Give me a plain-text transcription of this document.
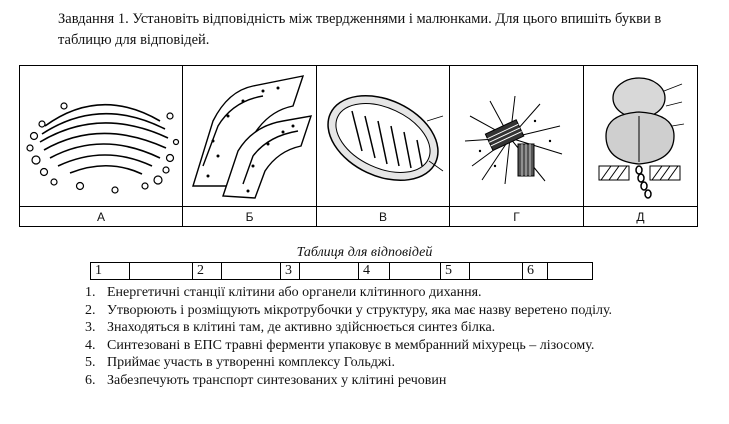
Завдання 1. Установіть відповідність між твердженнями і малюнками. Для цього впишіть букви в таблицю для відповідей.

А	Б	В	Г	Д
Таблиця для відповідей
1		2		3		4		5		6	
1. Енергетичні станції клітини або органели клітинного дихання.
2. Утворюють і розміщують мікротрубочки у структуру, яка має назву веретено поділу.
3. Знаходяться в клітині там, де активно здійснюється синтез білка.
4. Синтезовані в ЕПС травні ферменти упаковує в мембранний міхурець – лізосому.
5. Приймає участь в утворенні комплексу Гольджі.
6. Забезпечують транспорт синтезованих у клітині речовин
